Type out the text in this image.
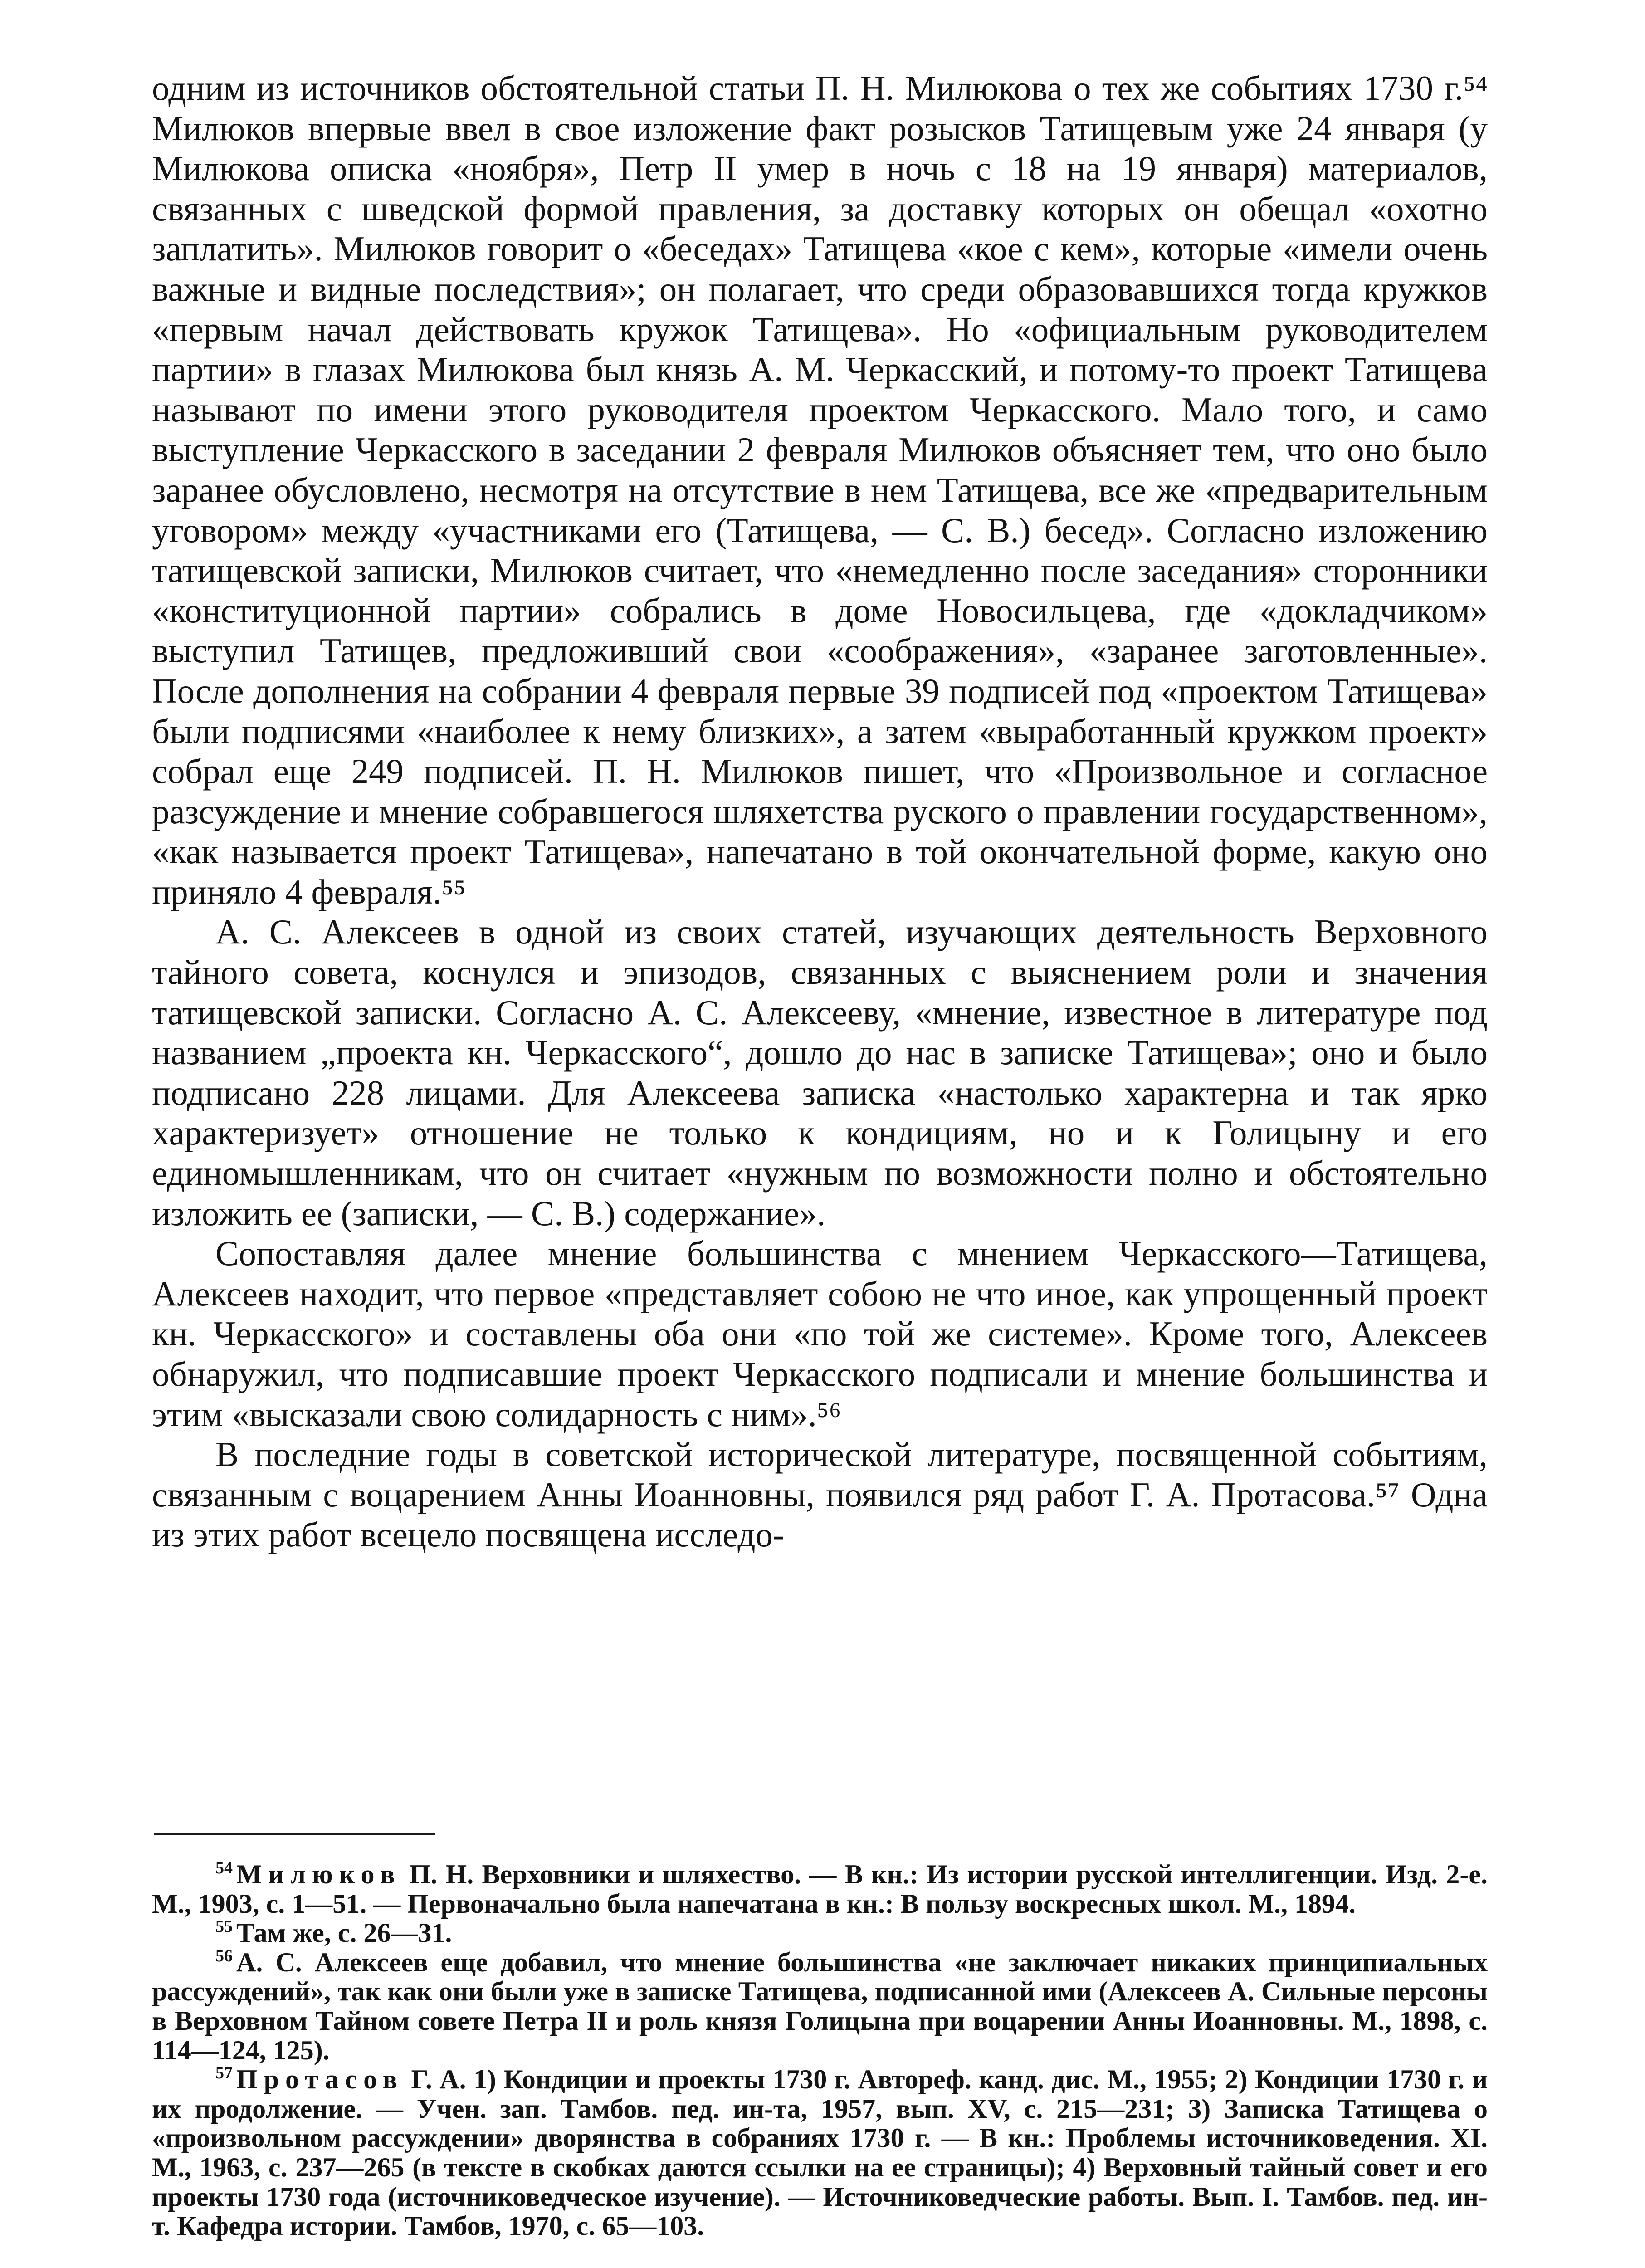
одним из источников обстоятельной статьи П. Н. Милюкова о тех же событиях 1730 г.⁵⁴ Милюков впервые ввел в свое изложение факт розысков Татищевым уже 24 января (у Милюкова описка «ноября», Петр II умер в ночь с 18 на 19 января) материалов, связанных с шведской формой правления, за доставку которых он обещал «охотно заплатить». Милюков говорит о «беседах» Татищева «кое с кем», которые «имели очень важные и видные последствия»; он полагает, что среди образовавшихся тогда кружков «первым начал действовать кружок Татищева». Но «официальным руководителем партии» в глазах Милюкова был князь А. М. Черкасский, и потому-то проект Татищева называют по имени этого руководителя проектом Черкасского. Мало того, и само выступление Черкасского в заседании 2 февраля Милюков объясняет тем, что оно было заранее обусловлено, несмотря на отсутствие в нем Татищева, все же «предварительным уговором» между «участниками его (Татищева, — С. В.) бесед». Согласно изложению татищевской записки, Милюков считает, что «немедленно после заседания» сторонники «конституционной партии» собрались в доме Новосильцева, где «докладчиком» выступил Татищев, предложивший свои «соображения», «заранее заготовленные». После дополнения на собрании 4 февраля первые 39 подписей под «проектом Татищева» были подписями «наиболее к нему близких», а затем «выработанный кружком проект» собрал еще 249 подписей. П. Н. Милюков пишет, что «Произвольное и согласное разсуждение и мнение собравшегося шляхетства руского о правлении государственном», «как называется проект Татищева», напечатано в той окончательной форме, какую оно приняло 4 февраля.⁵⁵

А. С. Алексеев в одной из своих статей, изучающих деятельность Верховного тайного совета, коснулся и эпизодов, связанных с выяснением роли и значения татищевской записки. Согласно А. С. Алексееву, «мнение, известное в литературе под названием „проекта кн. Черкасского“, дошло до нас в записке Татищева»; оно и было подписано 228 лицами. Для Алексеева записка «настолько характерна и так ярко характеризует» отношение не только к кондициям, но и к Голицыну и его единомышленникам, что он считает «нужным по возможности полно и обстоятельно изложить ее (записки, — С. В.) содержание».

Сопоставляя далее мнение большинства с мнением Черкасского—Татищева, Алексеев находит, что первое «представляет собою не что иное, как упрощенный проект кн. Черкасского» и составлены оба они «по той же системе». Кроме того, Алексеев обнаружил, что подписавшие проект Черкасского подписали и мнение большинства и этим «высказали свою солидарность с ним».⁵⁶

В последние годы в советской исторической литературе, посвященной событиям, связанным с воцарением Анны Иоанновны, появился ряд работ Г. А. Протасова.⁵⁷ Одна из этих работ всецело посвящена исследо-

$^{54}$ Милюков П. Н. Верховники и шляхество. — В кн.: Из истории русской интеллигенции. Изд. 2-е. М., 1903, с. 1—51. — Первоначально была напечатана в кн.: В пользу воскресных школ. М., 1894.

$^{55}$ Там же, с. 26—31.

$^{56}$ А. С. Алексеев еще добавил, что мнение большинства «не заключает никаких принципиальных рассуждений», так как они были уже в записке Татищева, подписанной ими (Алексеев А. Сильные персоны в Верховном Тайном совете Петра II и роль князя Голицына при воцарении Анны Иоанновны. М., 1898, с. 114—124, 125).

$^{57}$ Протасов Г. А. 1) Кондиции и проекты 1730 г. Автореф. канд. дис. М., 1955; 2) Кондиции 1730 г. и их продолжение. — Учен. зап. Тамбов. пед. ин-та, 1957, вып. XV, с. 215—231; 3) Записка Татищева о «произвольном рассуждении» дворянства в собраниях 1730 г. — В кн.: Проблемы источниковедения. XI. М., 1963, с. 237—265 (в тексте в скобках даются ссылки на ее страницы); 4) Верховный тайный совет и его проекты 1730 года (источниковедческое изучение). — Источниковедческие работы. Вып. I. Тамбов. пед. ин-т. Кафедра истории. Тамбов, 1970, с. 65—103.
